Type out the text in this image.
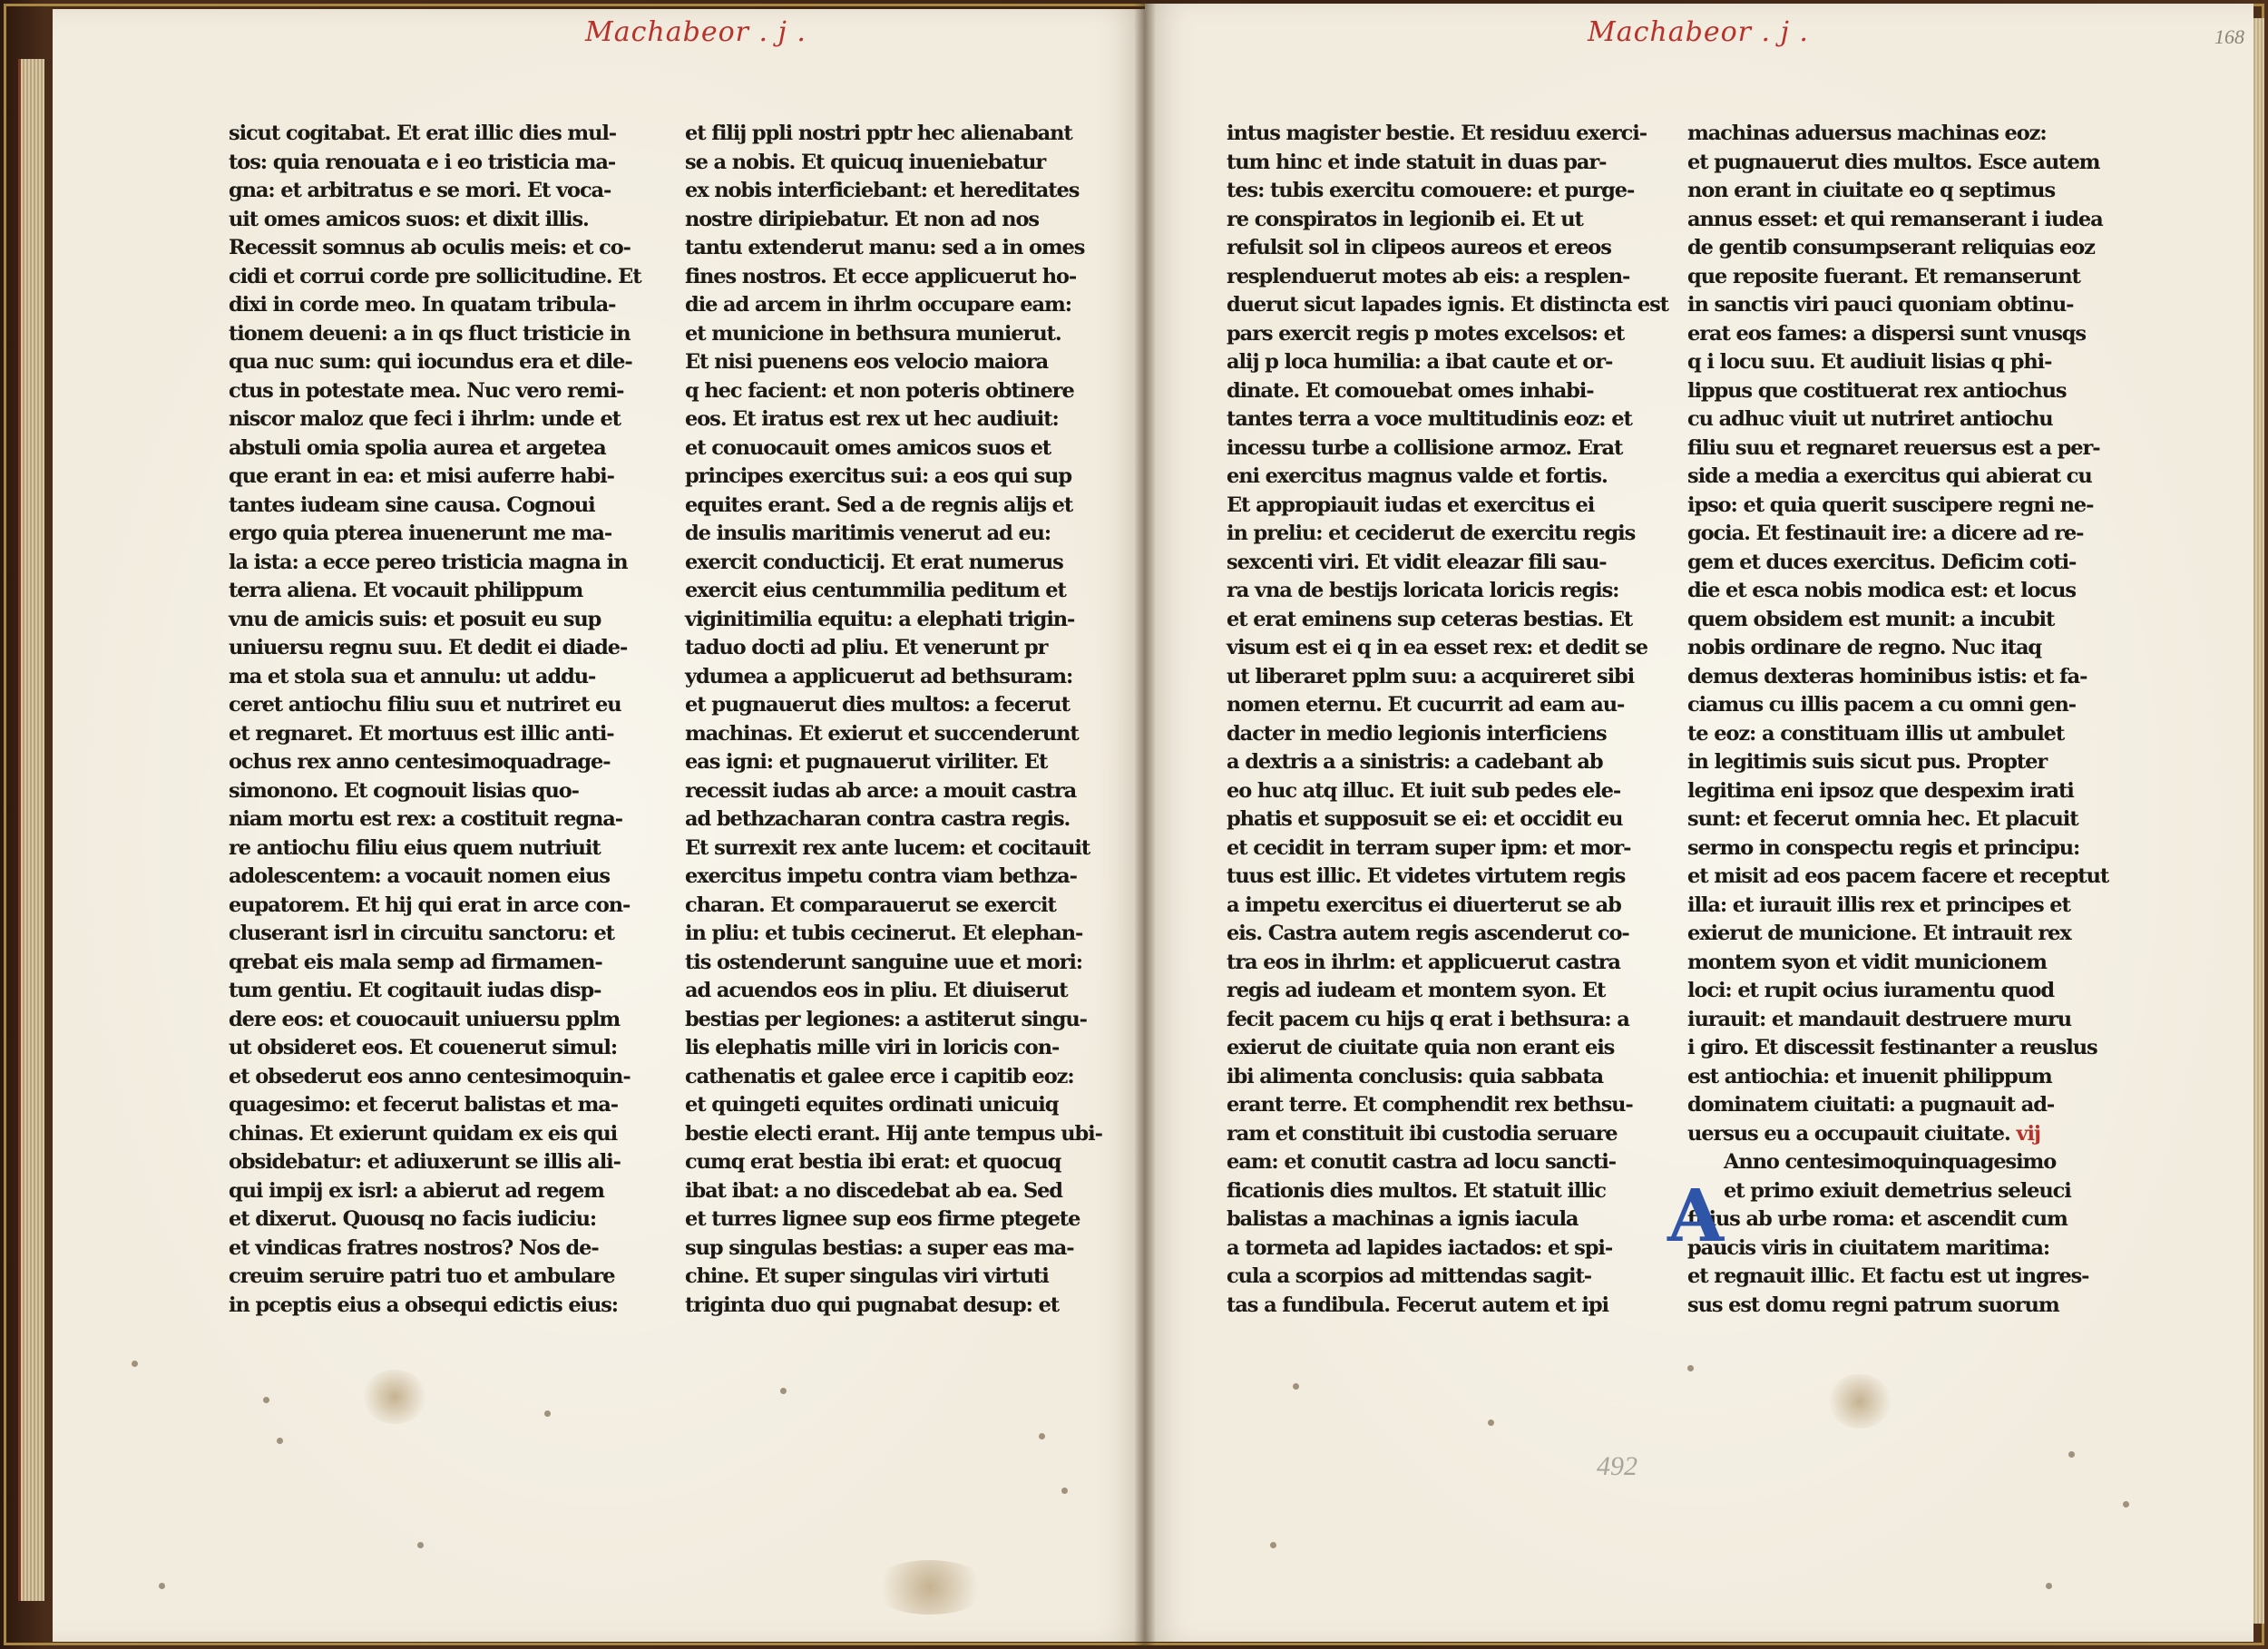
Machabeor . j .	Machabeor . j .	168
492
sicut cogitabat. Et erat illic dies mul-
tos: quia renouata e i eo tristicia ma-
gna: et arbitratus e se mori. Et voca-
uit omes amicos suos: et dixit illis.
Recessit somnus ab oculis meis: et co-
cidi et corrui corde pre sollicitudine. Et
dixi in corde meo. In quatam tribula-
tionem deueni: a in qs fluct tristicie in
qua nuc sum: qui iocundus era et dile-
ctus in potestate mea. Nuc vero remi-
niscor maloz que feci i ihrlm: unde et
abstuli omia spolia aurea et argetea
que erant in ea: et misi auferre habi-
tantes iudeam sine causa. Cognoui
ergo quia pterea inuenerunt me ma-
la ista: a ecce pereo tristicia magna in
terra aliena. Et vocauit philippum
vnu de amicis suis: et posuit eu sup
uniuersu regnu suu. Et dedit ei diade-
ma et stola sua et annulu: ut addu-
ceret antiochu filiu suu et nutriret eu
et regnaret. Et mortuus est illic anti-
ochus rex anno centesimoquadrage-
simonono. Et cognouit lisias quo-
niam mortu est rex: a costituit regna-
re antiochu filiu eius quem nutriuit
adolescentem: a vocauit nomen eius
eupatorem. Et hij qui erat in arce con-
cluserant isrl in circuitu sanctoru: et
qrebat eis mala semp ad firmamen-
tum gentiu. Et cogitauit iudas disp-
dere eos: et couocauit uniuersu pplm
ut obsideret eos. Et couenerut simul:
et obsederut eos anno centesimoquin-
quagesimo: et fecerut balistas et ma-
chinas. Et exierunt quidam ex eis qui
obsidebatur: et adiuxerunt se illis ali-
qui impij ex isrl: a abierut ad regem
et dixerut. Quousq no facis iudiciu:
et vindicas fratres nostros? Nos de-
creuim seruire patri tuo et ambulare
in pceptis eius a obsequi edictis eius:
et filij ppli nostri pptr hec alienabant
se a nobis. Et quicuq inueniebatur
ex nobis interficiebant: et hereditates
nostre diripiebatur. Et non ad nos
tantu extenderut manu: sed a in omes
fines nostros. Et ecce applicuerut ho-
die ad arcem in ihrlm occupare eam:
et municione in bethsura munierut.
Et nisi puenens eos velocio maiora
q hec facient: et non poteris obtinere
eos. Et iratus est rex ut hec audiuit:
et conuocauit omes amicos suos et
principes exercitus sui: a eos qui sup
equites erant. Sed a de regnis alijs et
de insulis maritimis venerut ad eu:
exercit conducticij. Et erat numerus
exercit eius centummilia peditum et
viginitimilia equitu: a elephati trigin-
taduo docti ad pliu. Et venerunt pr
ydumea a applicuerut ad bethsuram:
et pugnauerut dies multos: a fecerut
machinas. Et exierut et succenderunt
eas igni: et pugnauerut viriliter. Et
recessit iudas ab arce: a mouit castra
ad bethzacharan contra castra regis.
Et surrexit rex ante lucem: et cocitauit
exercitus impetu contra viam bethza-
charan. Et comparauerut se exercit
in pliu: et tubis cecinerut. Et elephan-
tis ostenderunt sanguine uue et mori:
ad acuendos eos in pliu. Et diuiserut
bestias per legiones: a astiterut singu-
lis elephatis mille viri in loricis con-
cathenatis et galee erce i capitib eoz:
et quingeti equites ordinati unicuiq
bestie electi erant. Hij ante tempus ubi-
cumq erat bestia ibi erat: et quocuq
ibat ibat: a no discedebat ab ea. Sed
et turres lignee sup eos firme ptegete
sup singulas bestias: a super eas ma-
chine. Et super singulas viri virtuti
triginta duo qui pugnabat desup: et
intus magister bestie. Et residuu exerci-
tum hinc et inde statuit in duas par-
tes: tubis exercitu comouere: et purge-
re conspiratos in legionib ei. Et ut
refulsit sol in clipeos aureos et ereos
resplenduerut motes ab eis: a resplen-
duerut sicut lapades ignis. Et distincta est
pars exercit regis p motes excelsos: et
alij p loca humilia: a ibat caute et or-
dinate. Et comouebat omes inhabi-
tantes terra a voce multitudinis eoz: et
incessu turbe a collisione armoz. Erat
eni exercitus magnus valde et fortis.
Et appropiauit iudas et exercitus ei
in preliu: et ceciderut de exercitu regis
sexcenti viri. Et vidit eleazar fili sau-
ra vna de bestijs loricata loricis regis:
et erat eminens sup ceteras bestias. Et
visum est ei q in ea esset rex: et dedit se
ut liberaret pplm suu: a acquireret sibi
nomen eternu. Et cucurrit ad eam au-
dacter in medio legionis interficiens
a dextris a a sinistris: a cadebant ab
eo huc atq illuc. Et iuit sub pedes ele-
phatis et supposuit se ei: et occidit eu
et cecidit in terram super ipm: et mor-
tuus est illic. Et videtes virtutem regis
a impetu exercitus ei diuerterut se ab
eis. Castra autem regis ascenderut co-
tra eos in ihrlm: et applicuerut castra
regis ad iudeam et montem syon. Et
fecit pacem cu hijs q erat i bethsura: a
exierut de ciuitate quia non erant eis
ibi alimenta conclusis: quia sabbata
erant terre. Et comphendit rex bethsu-
ram et constituit ibi custodia seruare
eam: et conutit castra ad locu sancti-
ficationis dies multos. Et statuit illic
balistas a machinas a ignis iacula
a tormeta ad lapides iactados: et spi-
cula a scorpios ad mittendas sagit-
tas a fundibula. Fecerut autem et ipi
machinas aduersus machinas eoz:
et pugnauerut dies multos. Esce autem
non erant in ciuitate eo q septimus
annus esset: et qui remanserant i iudea
de gentib consumpserant reliquias eoz
que reposite fuerant. Et remanserunt
in sanctis viri pauci quoniam obtinu-
erat eos fames: a dispersi sunt vnusqs
q i locu suu. Et audiuit lisias q phi-
lippus que costituerat rex antiochus
cu adhuc viuit ut nutriret antiochu
filiu suu et regnaret reuersus est a per-
side a media a exercitus qui abierat cu
ipso: et quia querit suscipere regni ne-
gocia. Et festinauit ire: a dicere ad re-
gem et duces exercitus. Deficim coti-
die et esca nobis modica est: et locus
quem obsidem est munit: a incubit
nobis ordinare de regno. Nuc itaq
demus dexteras hominibus istis: et fa-
ciamus cu illis pacem a cu omni gen-
te eoz: a constituam illis ut ambulet
in legitimis suis sicut pus. Propter
legitima eni ipsoz que despexim irati
sunt: et fecerut omnia hec. Et placuit
sermo in conspectu regis et principu:
et misit ad eos pacem facere et receptut
illa: et iurauit illis rex et principes et
exierut de municione. Et intrauit rex
montem syon et vidit municionem
loci: et rupit ocius iuramentu quod
iurauit: et mandauit destruere muru
i giro. Et discessit festinanter a reuslus
est antiochia: et inuenit philippum
dominatem ciuitati: a pugnauit ad-
uersus eu a occupauit ciuitate. vij
Anno centesimoquinquagesimo
et primo exiuit demetrius seleuci
filius ab urbe roma: et ascendit cum
paucis viris in ciuitatem maritima:
et regnauit illic. Et factu est ut ingres-
sus est domu regni patrum suorum
A
